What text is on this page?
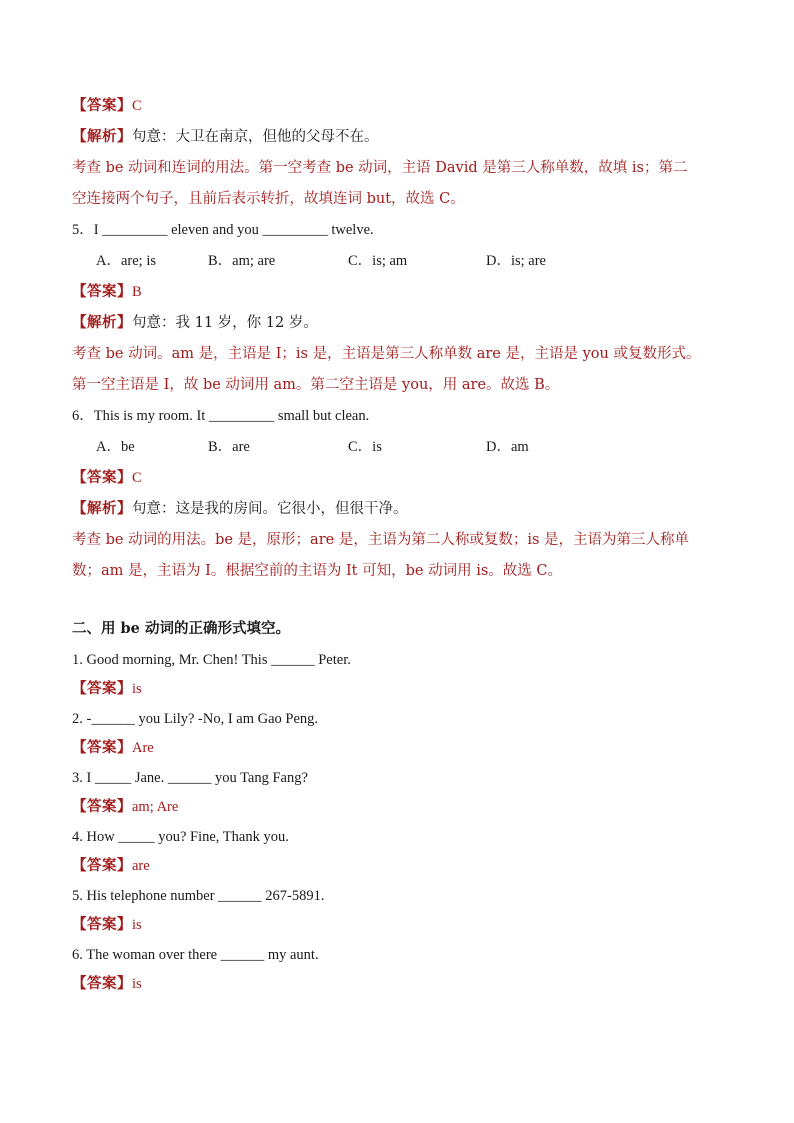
【答案】C
【解析】句意：大卫在南京，但他的父母不在。
考查 be 动词和连词的用法。第一空考查 be 动词，主语 David 是第三人称单数，故填 is；第二
空连接两个句子，且前后表示转折，故填连词 but，故选 C。
5．I _________ eleven and you _________ twelve.
A．are; is	B．am; are	C．is; am	D．is; are
【答案】B
【解析】句意：我 11 岁，你 12 岁。
考查 be 动词。am 是，主语是 I；is 是，主语是第三人称单数 are 是，主语是 you 或复数形式。
第一空主语是 I，故 be 动词用 am。第二空主语是 you，用 are。故选 B。
6．This is my room. It _________ small but clean.
A．be	B．are	C．is	D．am
【答案】C
【解析】句意：这是我的房间。它很小，但很干净。
考查 be 动词的用法。be 是，原形；are 是，主语为第二人称或复数；is 是，主语为第三人称单
数；am 是，主语为 I。根据空前的主语为 It 可知，be 动词用 is。故选 C。
二、用 be 动词的正确形式填空。
1. Good morning, Mr. Chen! This ______ Peter.
【答案】is
2. -______ you Lily? -No, I am Gao Peng.
【答案】Are
3. I _____ Jane. ______ you Tang Fang?
【答案】am; Are
4. How _____ you? Fine, Thank you.
【答案】are
5. His telephone number ______ 267-5891.
【答案】is
6. The woman over there ______ my aunt.
【答案】is
